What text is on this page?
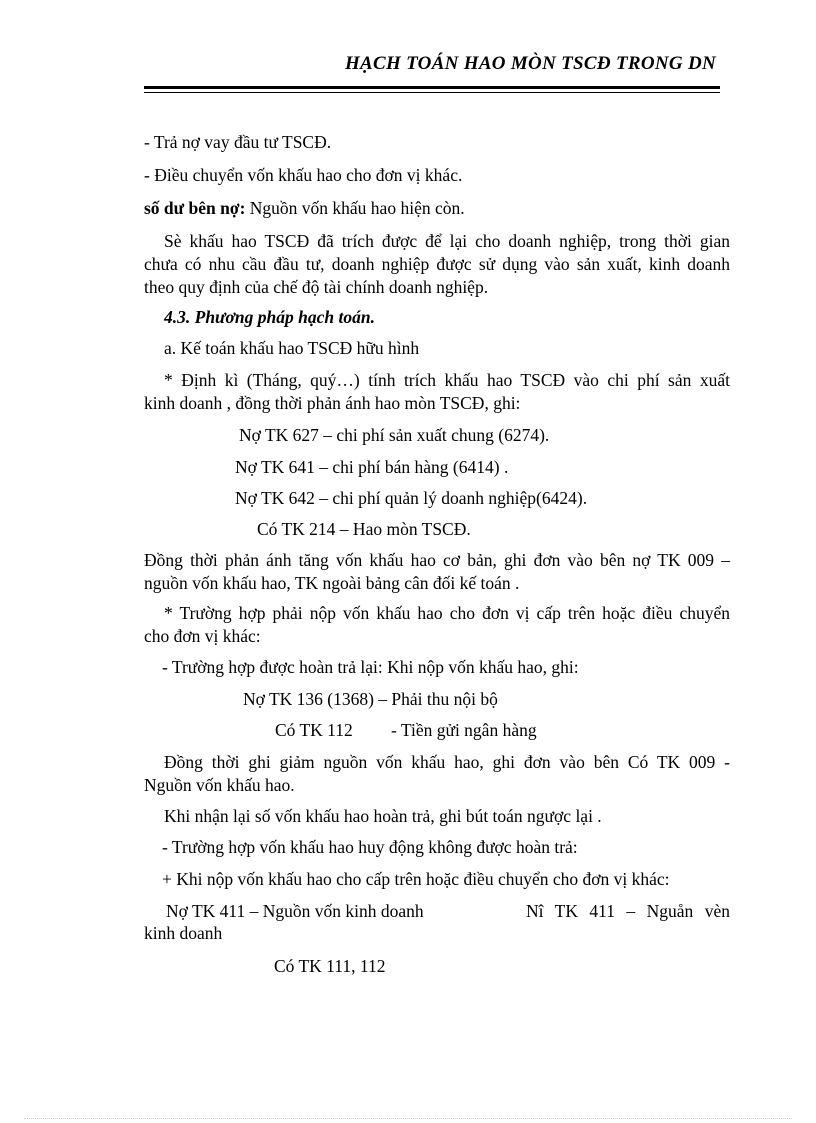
HẠCH TOÁN HAO MÒN TSCĐ TRONG DN
- Trả nợ vay đầu tư TSCĐ.
- Điều chuyển vốn khấu hao cho đơn vị khác.
số dư bên nợ: Nguồn vốn khấu hao hiện còn.
Sè khấu hao TSCĐ đã trích được để lại cho doanh nghiệp, trong thời gian
chưa có nhu cầu đầu tư, doanh nghiệp được sử dụng vào sản xuất, kinh doanh
theo quy định của chế độ tài chính doanh nghiệp.
4.3. Phương pháp hạch toán.
a. Kế toán khấu hao TSCĐ hữu hình
* Định kì (Tháng, quý…) tính trích khấu hao TSCĐ vào chi phí sản xuất
kinh doanh , đồng thời phản ánh hao mòn TSCĐ, ghi:
Nợ TK 627 – chi phí sản xuất chung (6274).
Nợ TK 641 – chi phí bán hàng (6414) .
Nợ TK 642 – chi phí quản lý doanh nghiệp(6424).
Có TK 214 – Hao mòn TSCĐ.
Đồng thời phản ánh tăng vốn khấu hao cơ bản, ghi đơn vào bên nợ TK 009 –
nguồn vốn khấu hao, TK ngoài bảng cân đối kế toán .
* Trường hợp phải nộp vốn khấu hao cho đơn vị cấp trên hoặc điều chuyển
cho đơn vị khác:
- Trường hợp được hoàn trả lại: Khi nộp vốn khấu hao, ghi:
Nợ TK 136 (1368) – Phải thu nội bộ
Có TK 112 - Tiền gửi ngân hàng
Đồng thời ghi giảm nguồn vốn khấu hao, ghi đơn vào bên Có TK 009 -
Nguồn vốn khấu hao.
Khi nhận lại số vốn khấu hao hoàn trả, ghi bút toán ngược lại .
- Trường hợp vốn khấu hao huy động không được hoàn trả:
+ Khi nộp vốn khấu hao cho cấp trên hoặc điều chuyển cho đơn vị khác:
Nợ TK 411 – Nguồn vốn kinh doanh	Nî TK 411 – Nguån vèn
kinh doanh
Có TK 111, 112
